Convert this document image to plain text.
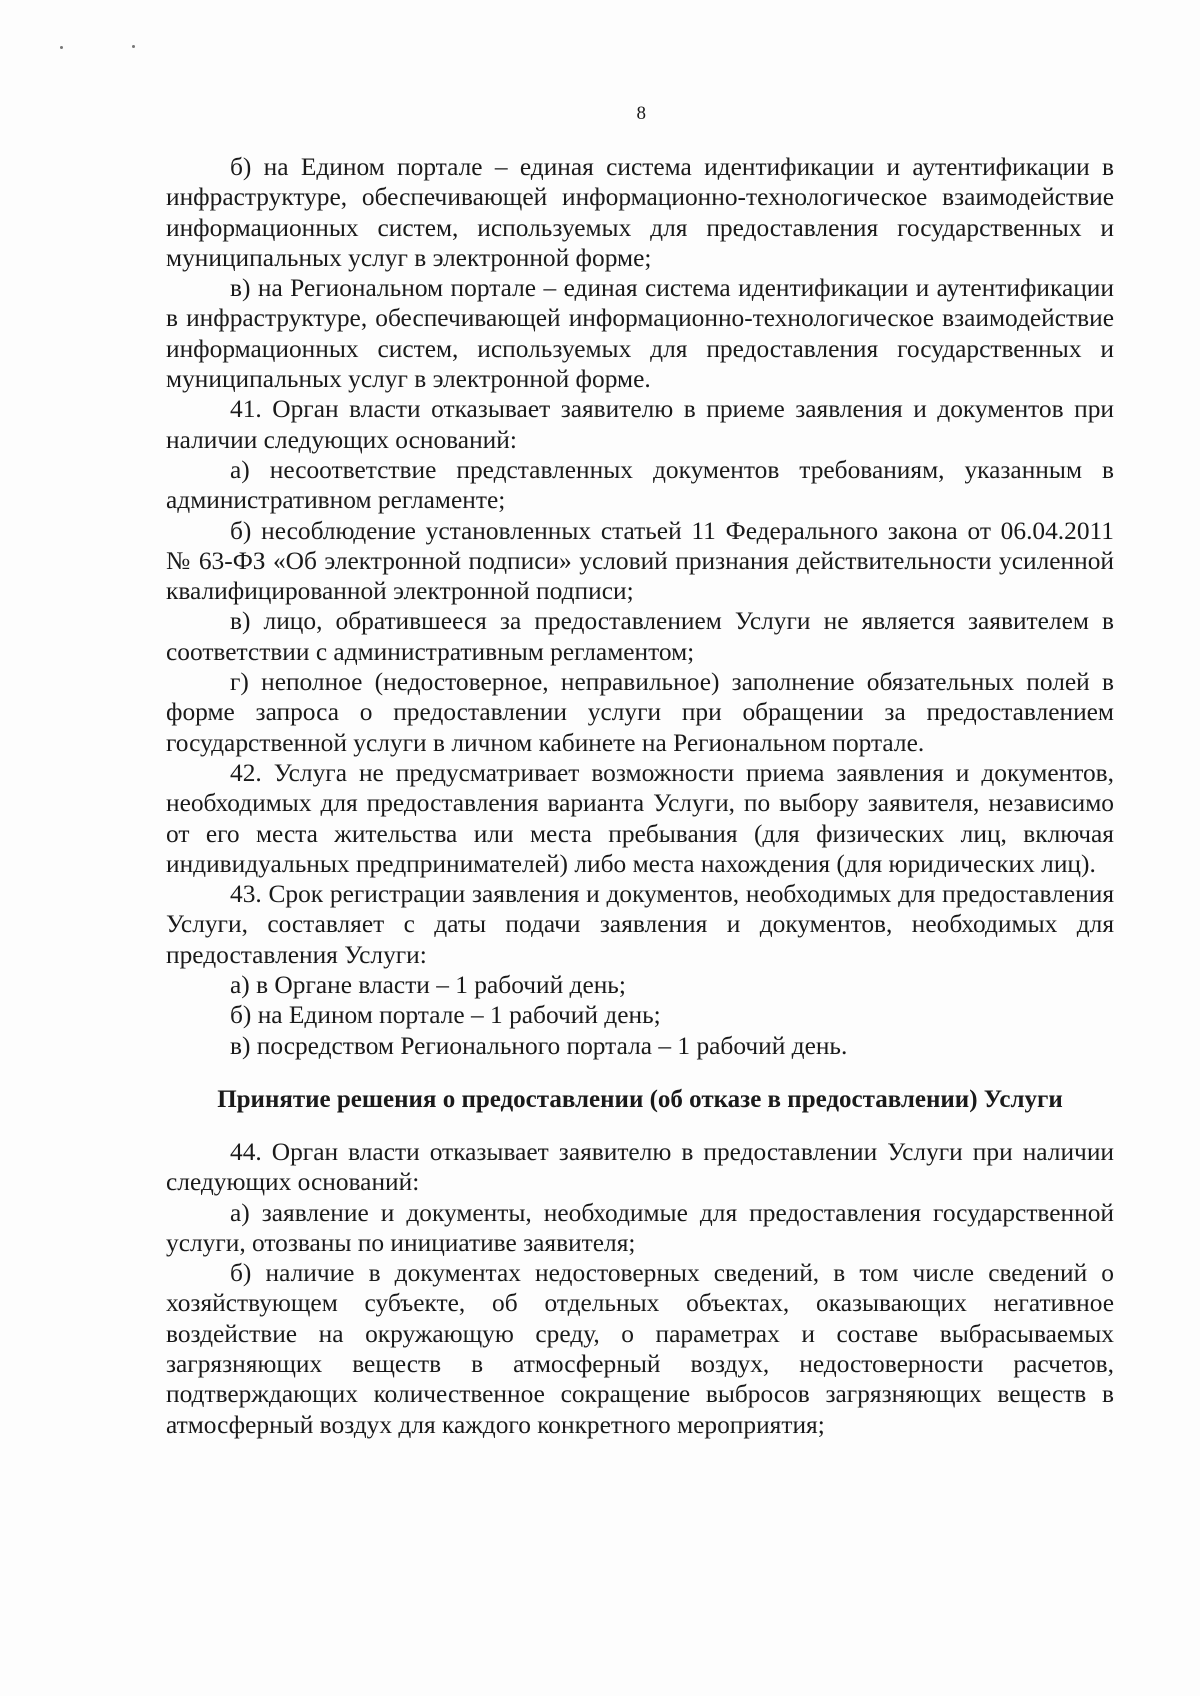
8

б) на Едином портале – единая система идентификации и аутентификации в инфраструктуре, обеспечивающей информационно-технологическое взаимодействие информационных систем, используемых для предоставления государственных и муниципальных услуг в электронной форме;

в) на Региональном портале – единая система идентификации и аутентификации в инфраструктуре, обеспечивающей информационно-технологическое взаимодействие информационных систем, используемых для предоставления государственных и муниципальных услуг в электронной форме.

41. Орган власти отказывает заявителю в приеме заявления и документов при наличии следующих оснований:

а) несоответствие представленных документов требованиям, указанным в административном регламенте;

б) несоблюдение установленных статьей 11 Федерального закона от 06.04.2011 № 63-ФЗ «Об электронной подписи» условий признания действительности усиленной квалифицированной электронной подписи;

в) лицо, обратившееся за предоставлением Услуги не является заявителем в соответствии с административным регламентом;

г) неполное (недостоверное, неправильное) заполнение обязательных полей в форме запроса о предоставлении услуги при обращении за предоставлением государственной услуги в личном кабинете на Региональном портале.

42. Услуга не предусматривает возможности приема заявления и документов, необходимых для предоставления варианта Услуги, по выбору заявителя, независимо от его места жительства или места пребывания (для физических лиц, включая индивидуальных предпринимателей) либо места нахождения (для юридических лиц).

43. Срок регистрации заявления и документов, необходимых для предоставления Услуги, составляет с даты подачи заявления и документов, необходимых для предоставления Услуги:

а) в Органе власти – 1 рабочий день;

б) на Едином портале – 1 рабочий день;

в) посредством Регионального портала – 1 рабочий день.

Принятие решения о предоставлении (об отказе в предоставлении) Услуги

44. Орган власти отказывает заявителю в предоставлении Услуги при наличии следующих оснований:

а) заявление и документы, необходимые для предоставления государственной услуги, отозваны по инициативе заявителя;

б) наличие в документах недостоверных сведений, в том числе сведений о хозяйствующем субъекте, об отдельных объектах, оказывающих негативное воздействие на окружающую среду, о параметрах и составе выбрасываемых загрязняющих веществ в атмосферный воздух, недостоверности расчетов, подтверждающих количественное сокращение выбросов загрязняющих веществ в атмосферный воздух для каждого конкретного мероприятия;
